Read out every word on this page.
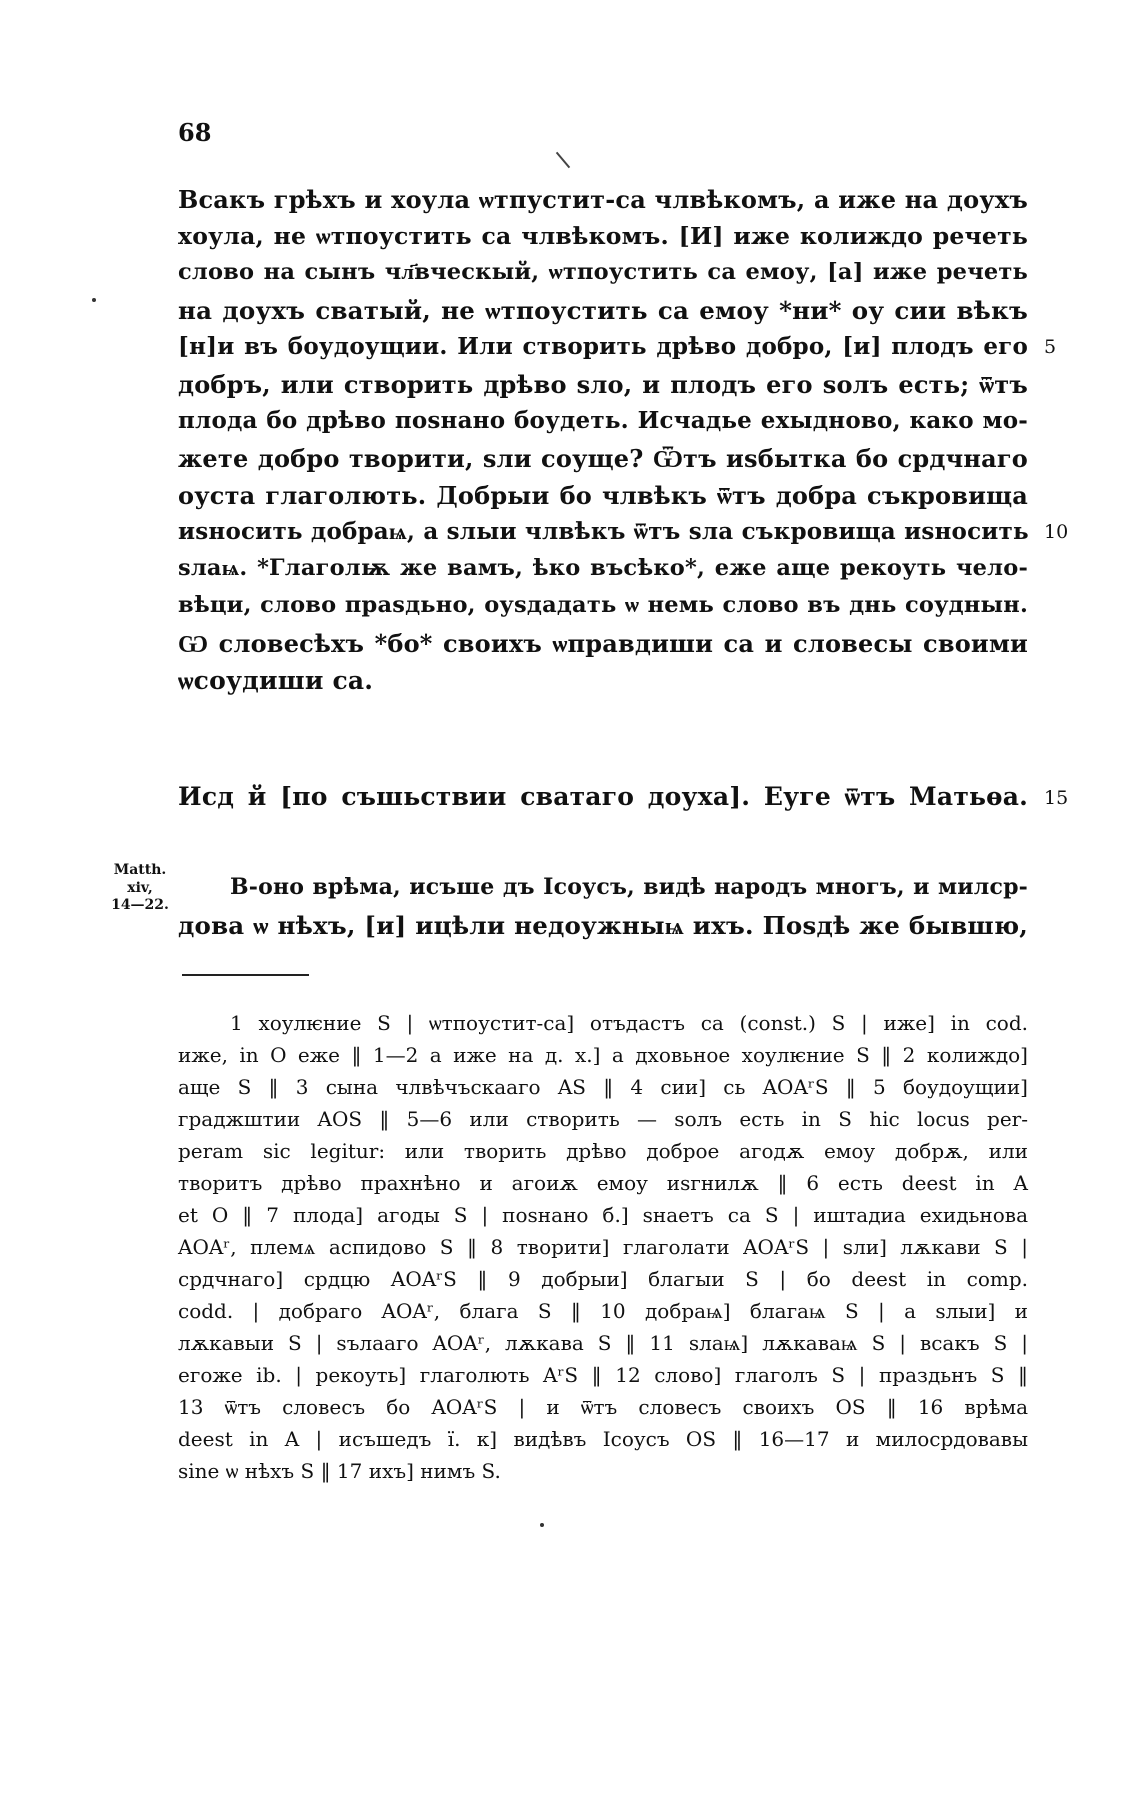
68

Всакъ грѣхъ и хоула ѡтпустит-са члвѣкомъ, а иже на доухъ
хоула, не ѡтпоустить са члвѣкомъ. [И] иже колиждо речеть
слово на сынъ чл҃вческый, ѡтпоустить са емоу, [а] иже речеть
на доухъ сватый, не ѡтпоустить са емоу *ни* оу сии вѣкъ
[н]и въ боудоущии. Или створить дрѣво добро, [и] плодъ его
добръ, или створить дрѣво ѕло, и плодъ его ѕолъ есть; ѿтъ
плода бо дрѣво поѕнано боудеть. Исчадье ехыдново, како мо-
жете добро творити, ѕли соуще? Ѿтъ иѕбытка бо срдчнаго
оуста глаголють. Добрыи бо члвѣкъ ѿтъ добра съкровища
иѕносить добраѩ, а ѕлыи члвѣкъ ѿтъ ѕла съкровища иѕносить
ѕлаѩ. *Глаголѭ же вамъ, ѣко въсѣко*, еже аще рекоуть чело-
вѣци, слово праѕдьно, оуѕдадать ѡ немь слово въ днь соуднын.
Ѡ словесѣхъ *бо* своихъ ѡправдиши са и словесы своими
ѡсоудиши са.
5
10
15
Исд й [по съшьствии сватаго доуха]. Еуге ѿтъ Матьѳа.
В-оно врѣма, исъше дъ Ісоусъ, видѣ народъ многъ, и милср-
дова ѡ нѣхъ, [и] ицѣли недоужныѩ ихъ. Поѕдѣ же бывшю,
Matth.
xiv,
14—22.
1 хоулѥние S | ѡтпоустит-са] отъдастъ са (const.) S | иже] in cod.
иже, in O еже ‖ 1—2 а иже на д. х.] а дховьное хоулѥние S ‖ 2 колиждо]
аще S ‖ 3 сына члвѣчъскааго AS ‖ 4 сии] сь AOAʳS ‖ 5 боудоущии]
граджштии AOS ‖ 5—6 или створить — ѕолъ есть in S hic locus per-
peram sic legitur: или творить дрѣво доброе агодѫ емоу добрѫ, или
творитъ дрѣво прахнѣно и агоиѫ емоу иѕгнилѫ ‖ 6 есть deest in A
et O ‖ 7 плода] агоды S | поѕнано б.] ѕнаетъ са S | иштадиа ехидьнова
AOAʳ, племѧ аспидово S ‖ 8 творити] глаголати AOAʳS | ѕли] лѫкави S |
срдчнаго] срдцю AOAʳS ‖ 9 добрыи] благыи S | бо deest in comp.
codd. | добраго AOAʳ, блага S ‖ 10 добраѩ] благаѩ S | а ѕлыи] и
лѫкавыи S | ѕълааго AOAʳ, лѫкава S ‖ 11 ѕлаѩ] лѫкаваѩ S | всакъ S |
егоже ib. | рекоуть] глаголють AʳS ‖ 12 слово] глаголъ S | праздьнъ S ‖
13 ѿтъ словесъ бо AOAʳS | и ѿтъ словесъ своихъ OS ‖ 16 врѣма
deest in A | исъшедъ ї. к] видѣвъ Ісоусъ OS ‖ 16—17 и милосрдовавы
sine ѡ нѣхъ S ‖ 17 ихъ] нимъ S.
